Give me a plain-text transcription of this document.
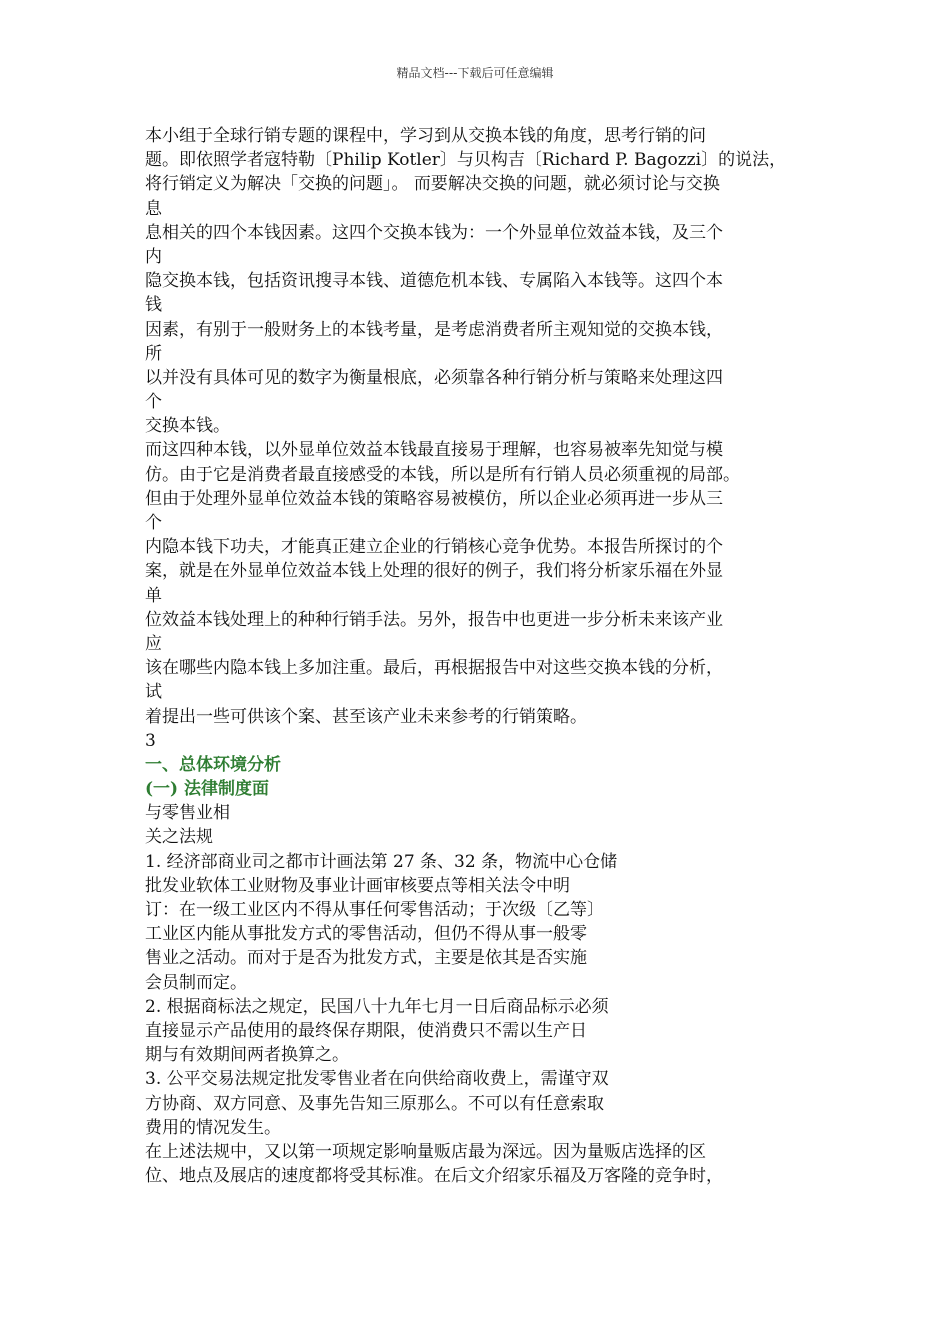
精品文档---下载后可任意编辑
本小组于全球行销专题的课程中，学习到从交换本钱的角度，思考行销的问
题。即依照学者寇特勒〔Philip Kotler〕与贝构吉〔Richard P. Bagozzi〕的说法，
将行销定义为解决「交换的问题」。 而要解决交换的问题，就必须讨论与交换
息
息相关的四个本钱因素。这四个交换本钱为：一个外显单位效益本钱，及三个
内
隐交换本钱，包括资讯搜寻本钱、道德危机本钱、专属陷入本钱等。这四个本
钱
因素，有别于一般财务上的本钱考量，是考虑消费者所主观知觉的交换本钱，
所
以并没有具体可见的数字为衡量根底，必须靠各种行销分析与策略来处理这四
个
交换本钱。
而这四种本钱，以外显单位效益本钱最直接易于理解，也容易被率先知觉与模
仿。由于它是消费者最直接感受的本钱，所以是所有行销人员必须重视的局部。
但由于处理外显单位效益本钱的策略容易被模仿，所以企业必须再进一步从三
个
内隐本钱下功夫，才能真正建立企业的行销核心竞争优势。本报告所探讨的个
案，就是在外显单位效益本钱上处理的很好的例子，我们将分析家乐福在外显
单
位效益本钱处理上的种种行销手法。另外，报告中也更进一步分析未来该产业
应
该在哪些内隐本钱上多加注重。最后，再根据报告中对这些交换本钱的分析，
试
着提出一些可供该个案、甚至该产业未来参考的行销策略。
3
一、总体环境分析
(一) 法律制度面
与零售业相
关之法规
1. 经济部商业司之都市计画法第 27 条、32 条，物流中心仓储
批发业软体工业财物及事业计画审核要点等相关法令中明
订：在一级工业区内不得从事任何零售活动；于次级〔乙等〕
工业区内能从事批发方式的零售活动，但仍不得从事一般零
售业之活动。而对于是否为批发方式，主要是依其是否实施
会员制而定。
2. 根据商标法之规定，民国八十九年七月一日后商品标示必须
直接显示产品使用的最终保存期限，使消费只不需以生产日
期与有效期间两者换算之。
3. 公平交易法规定批发零售业者在向供给商收费上，需谨守双
方协商、双方同意、及事先告知三原那么。不可以有任意索取
费用的情况发生。
在上述法规中，又以第一项规定影响量贩店最为深远。因为量贩店选择的区
位、地点及展店的速度都将受其标准。在后文介绍家乐福及万客隆的竞争时，
